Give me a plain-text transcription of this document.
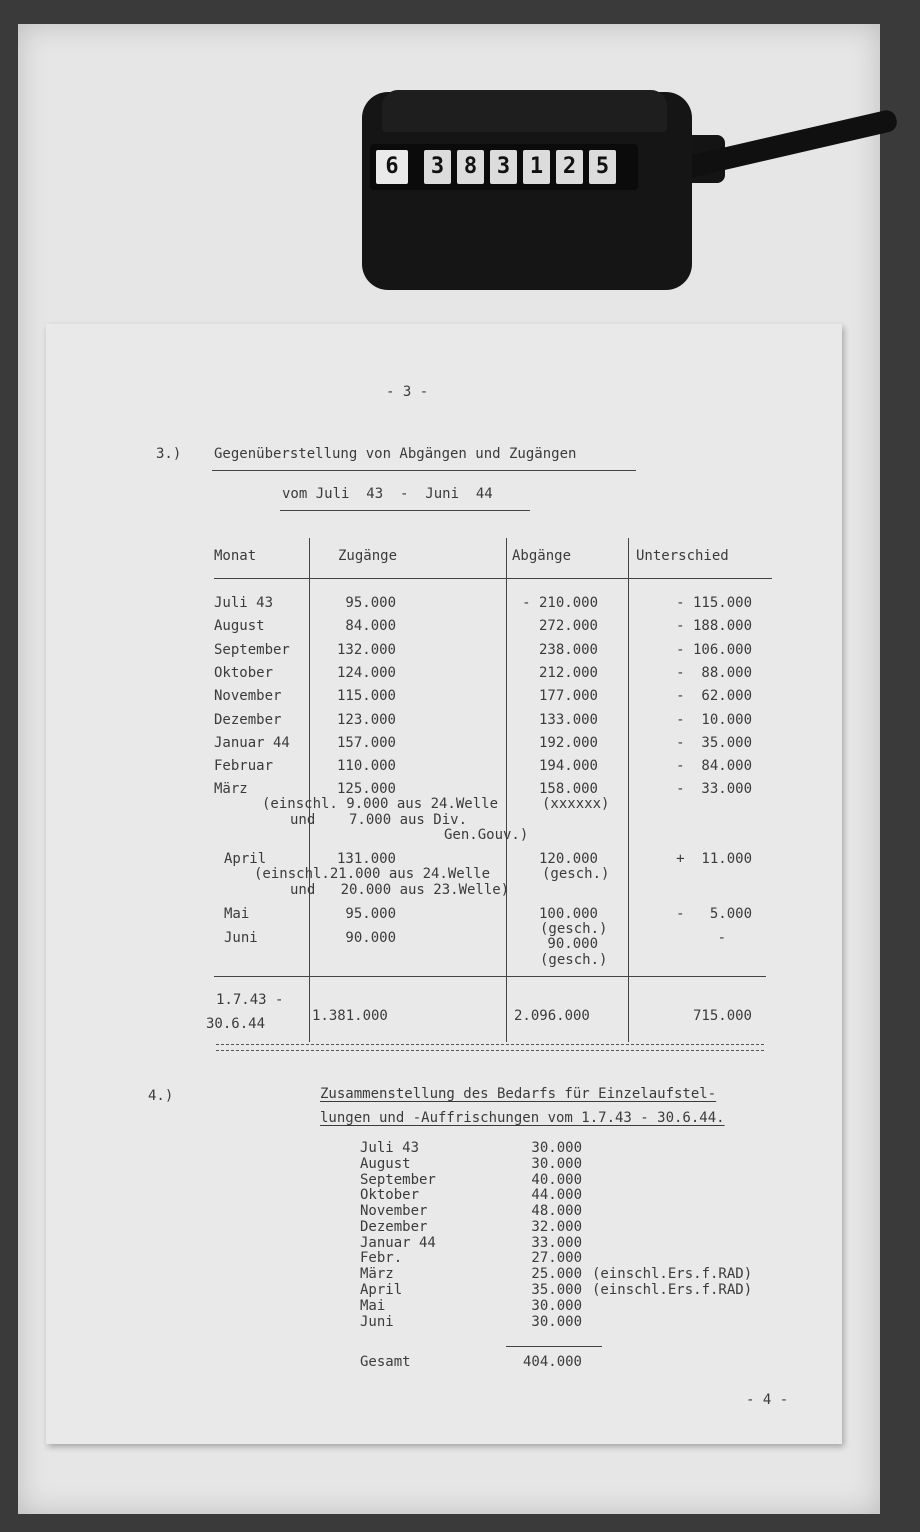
6	3 8 3 1 2 5
- 3 -
3.) Gegenüberstellung von Abgängen und Zugängen
vom Juli  43  -  Juni  44
Monat	Zugänge	Abgänge	Unterschied
Juli 43	95.000	- 210.000	- 115.000
August	84.000	272.000	- 188.000
September	132.000	238.000	- 106.000
Oktober	124.000	212.000	-  88.000
November	115.000	177.000	-  62.000
Dezember	123.000	133.000	-  10.000
Januar 44	157.000	192.000	-  35.000
Februar	110.000	194.000	-  84.000
März	125.000	158.000	-  33.000
(einschl. 9.000 aus 24.Welle	(xxxxxx)
und    7.000 aus Div.
Gen.Gouv.)
April	131.000	120.000	+  11.000
(einschl.21.000 aus 24.Welle	(gesch.)
und   20.000 aus 23.Welle)
Mai	95.000	100.000	-   5.000
(gesch.)
Juni	90.000	90.000	-
(gesch.)
1.7.43 -
30.6.44	1.381.000	2.096.000	715.000
4.)	Zusammenstellung des Bedarfs für Einzelaufstel-
lungen und -Auffrischungen vom 1.7.43 - 30.6.44.
Juli 43	30.000
August	30.000
September	40.000
Oktober	44.000
November	48.000
Dezember	32.000
Januar 44	33.000
Febr.	27.000
März	25.000 (einschl.Ers.f.RAD)
April	35.000 (einschl.Ers.f.RAD)
Mai	30.000
Juni	30.000
Gesamt	404.000
- 4 -
